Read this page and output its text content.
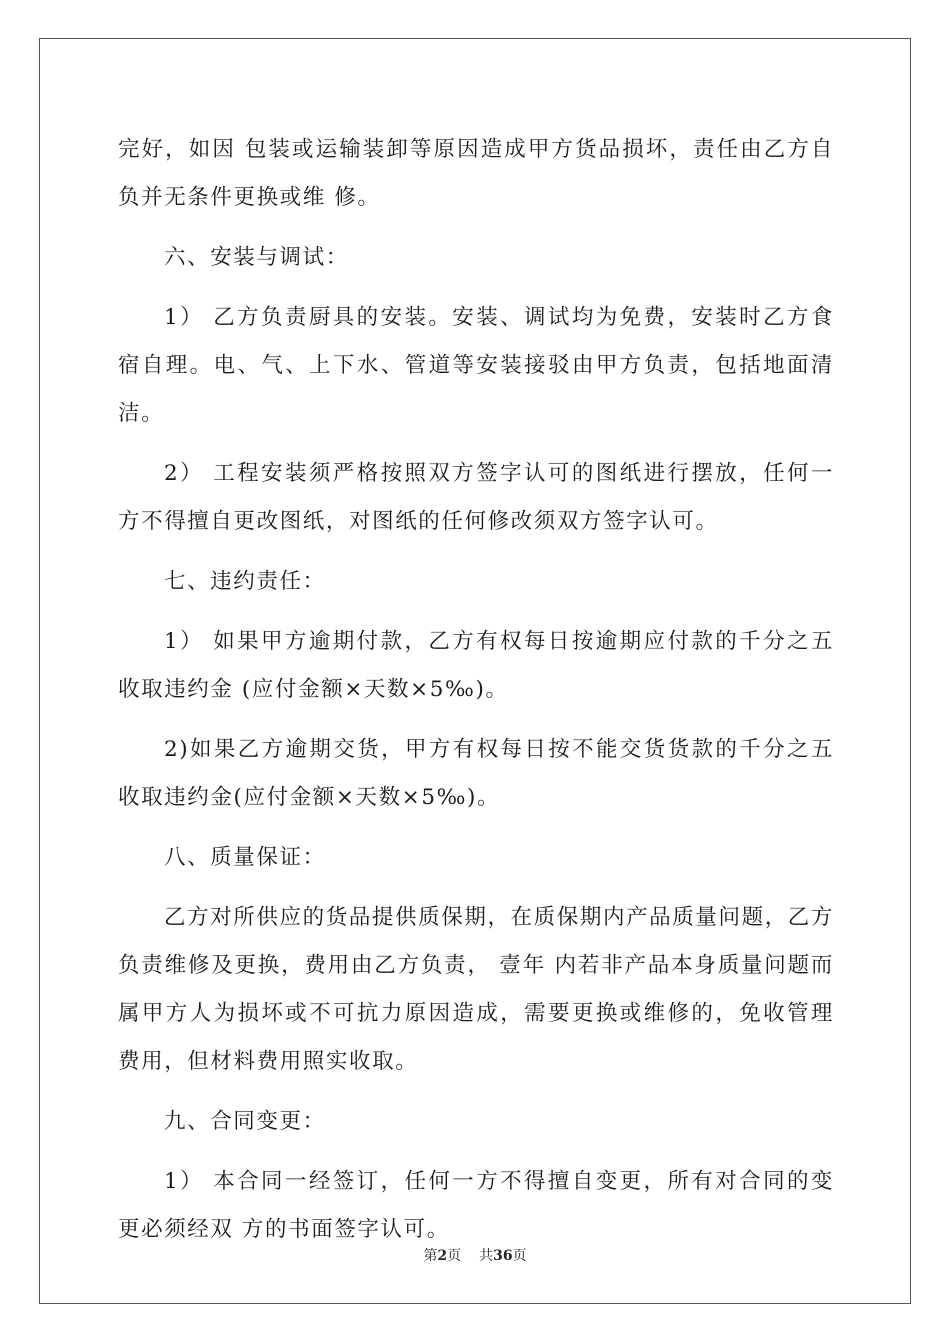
完好，如因 包装或运输装卸等原因造成甲方货品损坏，责任由乙方自负并无条件更换或维 修。

六、安装与调试：

1） 乙方负责厨具的安装。安装、调试均为免费，安装时乙方食宿自理。电、气、上下水、管道等安装接驳由甲方负责，包括地面清洁。

2） 工程安装须严格按照双方签字认可的图纸进行摆放，任何一方不得擅自更改图纸，对图纸的任何修改须双方签字认可。

七、违约责任：

1） 如果甲方逾期付款，乙方有权每日按逾期应付款的千分之五收取违约金 (应付金额×天数×5‰)。

2)如果乙方逾期交货，甲方有权每日按不能交货货款的千分之五收取违约金(应付金额×天数×5‰)。

八、质量保证：

乙方对所供应的货品提供质保期，在质保期内产品质量问题，乙方负责维修及更换，费用由乙方负责， 壹年 内若非产品本身质量问题而属甲方人为损坏或不可抗力原因造成，需要更换或维修的，免收管理费用，但材料费用照实收取。

九、合同变更：

1） 本合同一经签订，任何一方不得擅自变更，所有对合同的变更必须经双 方的书面签字认可。

第2页 共36页
